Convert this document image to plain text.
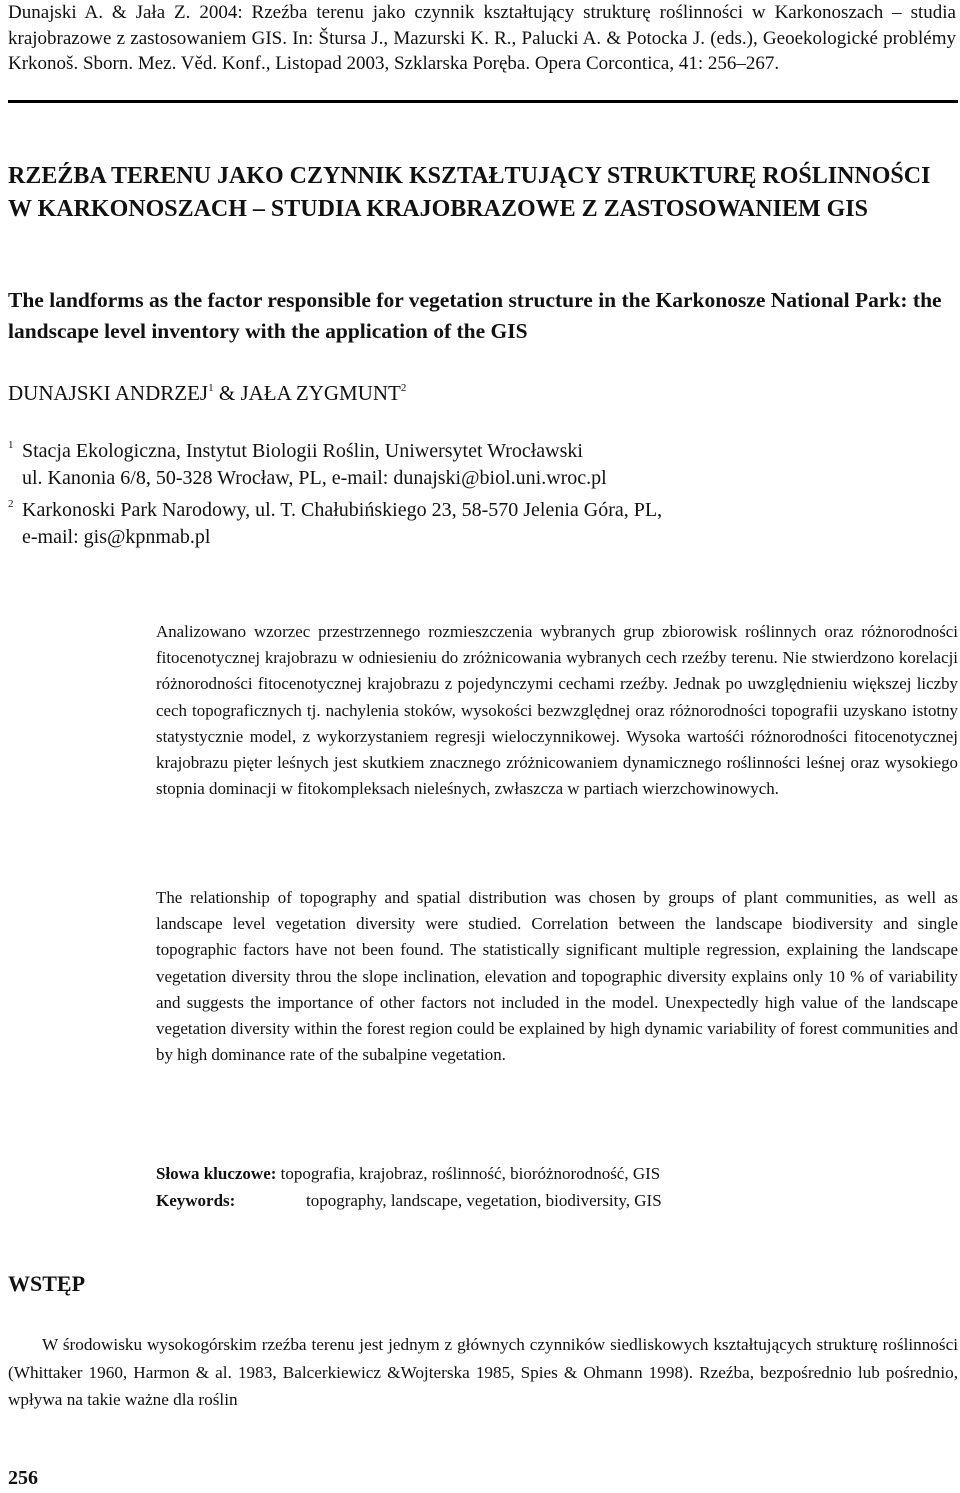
Dunajski A. & Jała Z. 2004: Rzeźba terenu jako czynnik kształtujący strukturę roślinności w Karkonoszach – studia krajobrazowe z zastosowaniem GIS. In: Štursa J., Mazurski K. R., Palucki A. & Potocka J. (eds.), Geoekologické problémy Krkonoš. Sborn. Mez. Věd. Konf., Listopad 2003, Szklarska Poręba. Opera Corcontica, 41: 256–267.
RZEŹBA TERENU JAKO CZYNNIK KSZTAŁTUJĄCY STRUKTURĘ ROŚLINNOŚCI W KARKONOSZACH – STUDIA KRAJOBRAZOWE Z ZASTOSOWANIEM GIS
The landforms as the factor responsible for vegetation structure in the Karkonosze National Park: the landscape level inventory with the application of the GIS
DUNAJSKI ANDRZEJ$^1$ & JAŁA ZYGMUNT$^2$
1 Stacja Ekologiczna, Instytut Biologii Roślin, Uniwersytet Wrocławski
ul. Kanonia 6/8, 50-328 Wrocław, PL, e-mail: dunajski@biol.uni.wroc.pl
2 Karkonoski Park Narodowy, ul. T. Chałubińskiego 23, 58-570 Jelenia Góra, PL,
e-mail: gis@kpnmab.pl
Analizowano wzorzec przestrzennego rozmieszczenia wybranych grup zbiorowisk roślinnych oraz różnorodności fitocenotycznej krajobrazu w odniesieniu do zróżnicowania wybranych cech rzeźby terenu. Nie stwierdzono korelacji różnorodności fitocenotycznej krajobrazu z pojedynczymi cechami rzeźby. Jednak po uwzględnieniu większej liczby cech topograficznych tj. nachylenia stoków, wysokości bezwzględnej oraz różnorodności topografii uzyskano istotny statystycznie model, z wykorzystaniem regresji wieloczynnikowej. Wysoka wartośći różnorodności fitocenotycznej krajobrazu pięter leśnych jest skutkiem znacznego zróżnicowaniem dynamicznego roślinności leśnej oraz wysokiego stopnia dominacji w fitokompleksach nieleśnych, zwłaszcza w partiach wierzchowinowych.
The relationship of topography and spatial distribution was chosen by groups of plant communities, as well as landscape level vegetation diversity were studied. Correlation between the landscape biodiversity and single topographic factors have not been found. The statistically significant multiple regression, explaining the landscape vegetation diversity throu the slope inclination, elevation and topographic diversity explains only 10 % of variability and suggests the importance of other factors not included in the model. Unexpectedly high value of the landscape vegetation diversity within the forest region could be explained by high dynamic variability of forest communities and by high dominance rate of the subalpine vegetation.
Słowa kluczowe: topografia, krajobraz, roślinność, bioróżnorodność, GIS
Keywords:	topography, landscape, vegetation, biodiversity, GIS
WSTĘP
W środowisku wysokogórskim rzeźba terenu jest jednym z głównych czynników siedliskowych kształtujących strukturę roślinności (Whittaker 1960, Harmon & al. 1983, Balcerkiewicz &Wojterska 1985, Spies & Ohmann 1998). Rzeźba, bezpośrednio lub pośrednio, wpływa na takie ważne dla roślin
256
